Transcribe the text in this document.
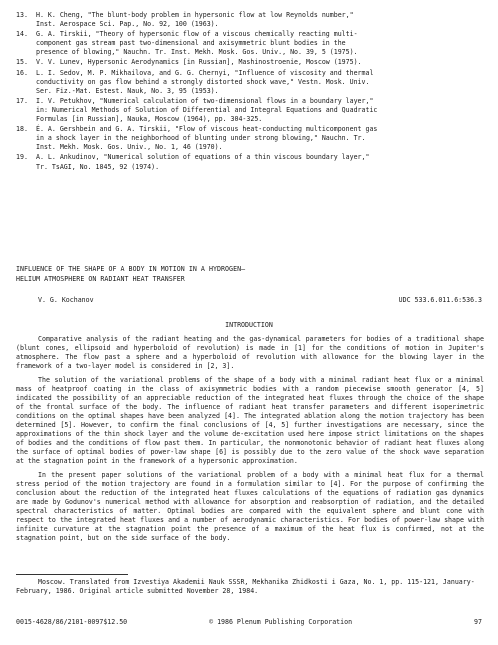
13.	H. K. Cheng, "The blunt-body problem in hypersonic flow at low Reynolds number,"
Inst. Aerospace Sci. Pap., No. 92, 100 (1963).
14.	G. A. Tirskii, "Theory of hypersonic flow of a viscous chemically reacting multi-
component gas stream past two-dimensional and axisymmetric blunt bodies in the
presence of blowing," Nauchn. Tr. Inst. Mekh. Mosk. Gos. Univ., No. 39, 5 (1975).
15.	V. V. Lunev, Hypersonic Aerodynamics [in Russian], Mashinostroenie, Moscow (1975).
16.	L. I. Sedov, M. P. Mikhailova, and G. G. Chernyi, "Influence of viscosity and thermal
conductivity on gas flow behind a strongly distorted shock wave," Vestn. Mosk. Univ.
Ser. Fiz.-Mat. Estest. Nauk, No. 3, 95 (1953).
17.	I. V. Petukhov, "Numerical calculation of two-dimensional flows in a boundary layer,"
in: Numerical Methods of Solution of Differential and Integral Equations and Quadratic
Formulas [in Russian], Nauka, Moscow (1964), pp. 304-325.
18.	É. A. Gershbein and G. A. Tirskii, "Flow of viscous heat-conducting multicomponent gas
in a shock layer in the neighborhood of blunting under strong blowing," Nauchn. Tr.
Inst. Mekh. Mosk. Gos. Univ., No. 1, 46 (1970).
19.	A. L. Ankudinov, "Numerical solution of equations of a thin viscous boundary layer,"
Tr. TsAGI, No. 1845, 92 (1974).
INFLUENCE OF THE SHAPE OF A BODY IN MOTION IN A HYDROGEN–
HELIUM ATMOSPHERE ON RADIANT HEAT TRANSFER
V. G. Kochanov	UDC 533.6.011.6:536.3
INTRODUCTION

Comparative analysis of the radiant heating and the gas-dynamical parameters for bodies of a traditional shape (blunt cones, ellipsoid and hyperboloid of revolution) is made in [1] for the conditions of motion in Jupiter's atmosphere. The flow past a sphere and a hyperboloid of revolution with allowance for the blowing layer in the framework of a two-layer model is considered in [2, 3].

The solution of the variational problems of the shape of a body with a minimal radiant heat flux or a minimal mass of heatproof coating in the class of axisymmetric bodies with a random piecewise smooth generator [4, 5] indicated the possibility of an appreciable reduction of the integrated heat fluxes through the choice of the shape of the frontal surface of the body. The influence of radiant heat transfer parameters and different isoperimetric conditions on the optimal shapes have been analyzed [4]. The integrated ablation along the motion trajectory has been determined [5]. However, to confirm the final conclusions of [4, 5] further investigations are necessary, since the approximations of the thin shock layer and the volume de-excitation used here impose strict limitations on the shapes of bodies and the conditions of flow past them. In particular, the nonmonotonic behavior of radiant heat fluxes along the surface of optimal bodies of power-law shape [6] is possibly due to the zero value of the shock wave separation at the stagnation point in the framework of a hypersonic approximation.

In the present paper solutions of the variational problem of a body with a minimal heat flux for a thermal stress period of the motion trajectory are found in a formulation similar to [4]. For the purpose of confirming the conclusion about the reduction of the integrated heat fluxes calculations of the equations of radiation gas dynamics are made by Godunov's numerical method with allowance for absorption and reabsorption of radiation, and the detailed spectral characteristics of matter. Optimal bodies are compared with the equivalent sphere and blunt cone with respect to the integrated heat fluxes and a number of aerodynamic characteristics. For bodies of power-law shape with infinite curvature at the stagnation point the presence of a maximum of the heat flux is confirmed, not at the stagnation point, but on the side surface of the body.

Moscow. Translated from Izvestiya Akademii Nauk SSSR, Mekhanika Zhidkosti i Gaza, No. 1, pp. 115-121, January-February, 1986. Original article submitted November 28, 1984.

0015-4628/86/2101-0097$12.50	© 1986 Plenum Publishing Corporation	97
